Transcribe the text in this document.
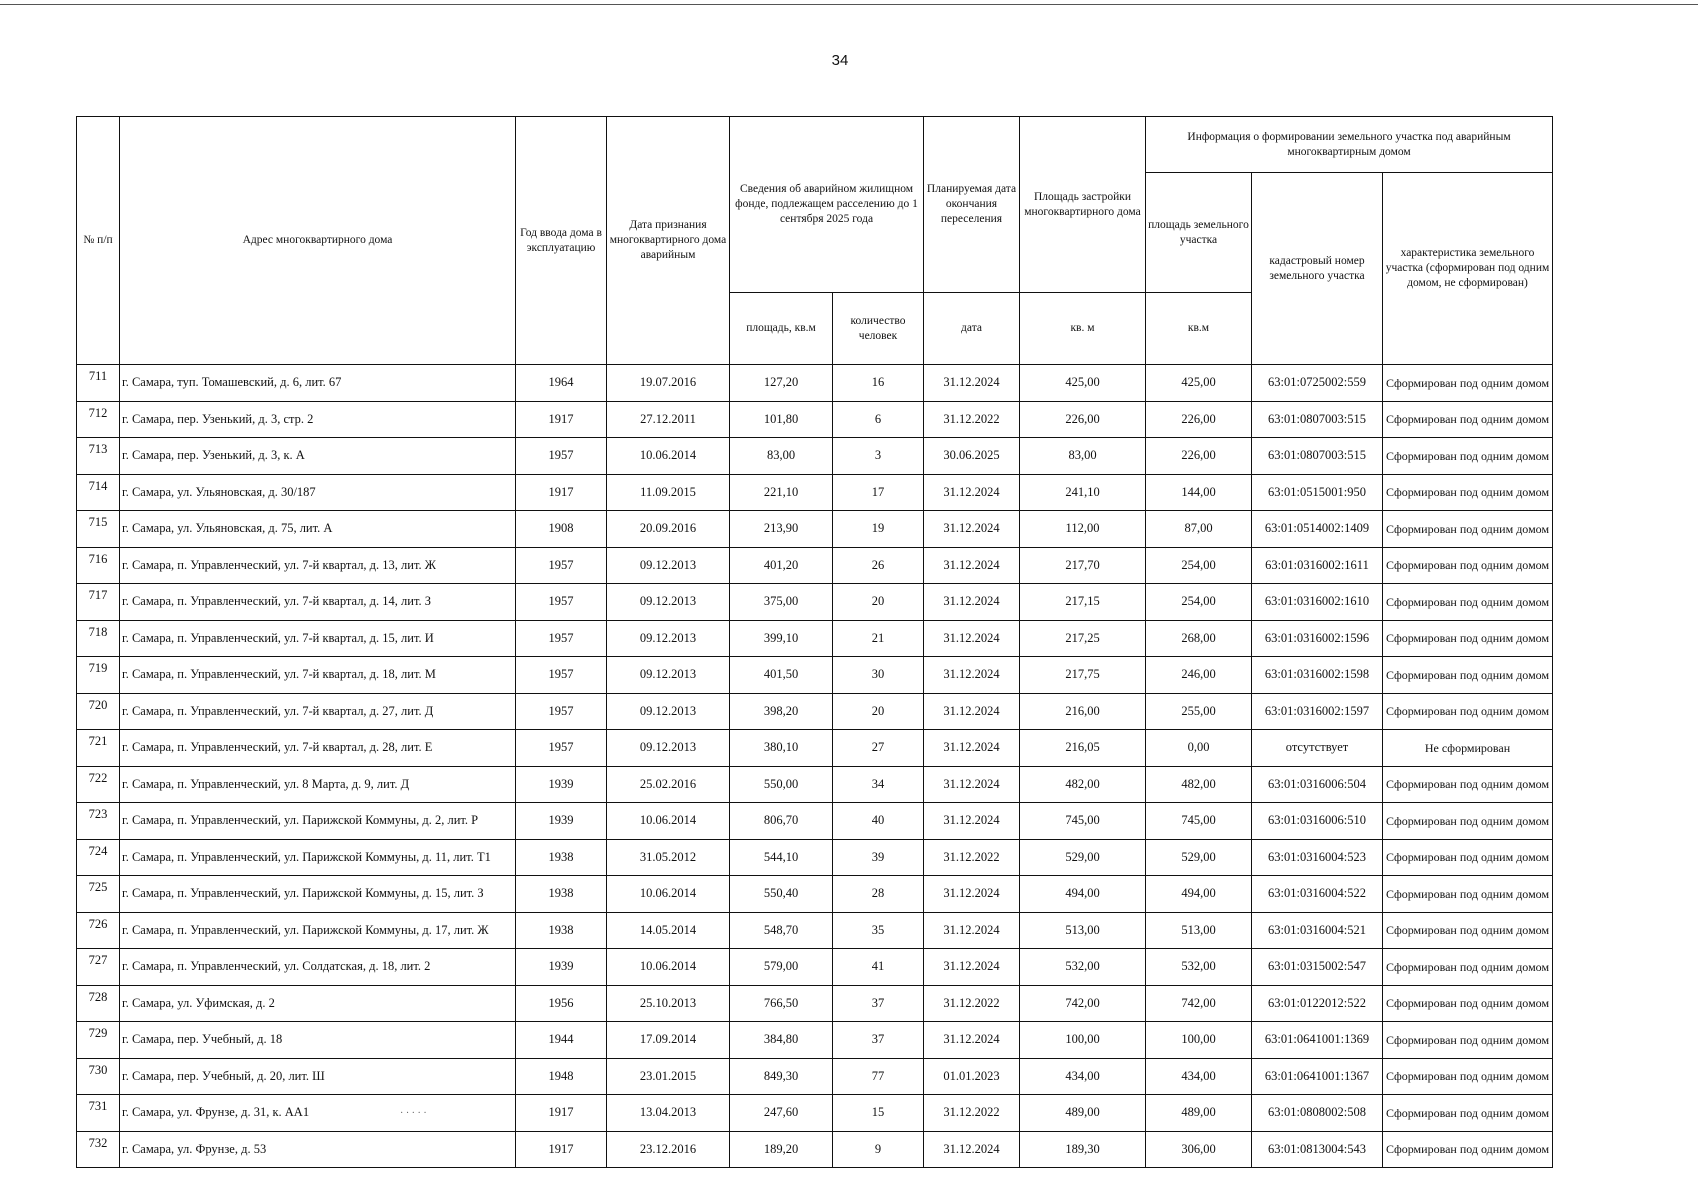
34
№ п/п	Адрес многоквартирного дома	Год ввода дома в эксплуатацию	Дата признания многоквартирного дома аварийным	Сведения об аварийном жилищном фонде, подлежащем расселению до 1 сентября 2025 года		Планируемая дата окончания переселения	Площадь застройки многоквартирного дома	Информация о формировании земельного участка под аварийным многоквартирным домом		
								площадь земельного участка	кадастровый номер земельного участка	характеристика земельного участка (сформирован под одним домом, не сформирован)
				площадь, кв.м	количество человек	дата	кв. м	кв.м		
711	г. Самара, туп. Томашевский, д. 6, лит. 67	1964	19.07.2016	127,20	16	31.12.2024	425,00	425,00	63:01:0725002:559	Сформирован под одним домом
712	г. Самара, пер. Узенький, д. 3, стр. 2	1917	27.12.2011	101,80	6	31.12.2022	226,00	226,00	63:01:0807003:515	Сформирован под одним домом
713	г. Самара, пер. Узенький, д. 3, к. А	1957	10.06.2014	83,00	3	30.06.2025	83,00	226,00	63:01:0807003:515	Сформирован под одним домом
714	г. Самара, ул. Ульяновская, д. 30/187	1917	11.09.2015	221,10	17	31.12.2024	241,10	144,00	63:01:0515001:950	Сформирован под одним домом
715	г. Самара, ул. Ульяновская, д. 75, лит. А	1908	20.09.2016	213,90	19	31.12.2024	112,00	87,00	63:01:0514002:1409	Сформирован под одним домом
716	г. Самара, п. Управленческий, ул. 7-й квартал, д. 13, лит. Ж	1957	09.12.2013	401,20	26	31.12.2024	217,70	254,00	63:01:0316002:1611	Сформирован под одним домом
717	г. Самара, п. Управленческий, ул. 7-й квартал, д. 14, лит. З	1957	09.12.2013	375,00	20	31.12.2024	217,15	254,00	63:01:0316002:1610	Сформирован под одним домом
718	г. Самара, п. Управленческий, ул. 7-й квартал, д. 15, лит. И	1957	09.12.2013	399,10	21	31.12.2024	217,25	268,00	63:01:0316002:1596	Сформирован под одним домом
719	г. Самара, п. Управленческий, ул. 7-й квартал, д. 18, лит. М	1957	09.12.2013	401,50	30	31.12.2024	217,75	246,00	63:01:0316002:1598	Сформирован под одним домом
720	г. Самара, п. Управленческий, ул. 7-й квартал, д. 27, лит. Д	1957	09.12.2013	398,20	20	31.12.2024	216,00	255,00	63:01:0316002:1597	Сформирован под одним домом
721	г. Самара, п. Управленческий, ул. 7-й квартал, д. 28, лит. Е	1957	09.12.2013	380,10	27	31.12.2024	216,05	0,00	отсутствует	Не сформирован
722	г. Самара, п. Управленческий, ул. 8 Марта, д. 9, лит. Д	1939	25.02.2016	550,00	34	31.12.2024	482,00	482,00	63:01:0316006:504	Сформирован под одним домом
723	г. Самара, п. Управленческий, ул. Парижской Коммуны, д. 2, лит. Р	1939	10.06.2014	806,70	40	31.12.2024	745,00	745,00	63:01:0316006:510	Сформирован под одним домом
724	г. Самара, п. Управленческий, ул. Парижской Коммуны, д. 11, лит. Т1	1938	31.05.2012	544,10	39	31.12.2022	529,00	529,00	63:01:0316004:523	Сформирован под одним домом
725	г. Самара, п. Управленческий, ул. Парижской Коммуны, д. 15, лит. З	1938	10.06.2014	550,40	28	31.12.2024	494,00	494,00	63:01:0316004:522	Сформирован под одним домом
726	г. Самара, п. Управленческий, ул. Парижской Коммуны, д. 17, лит. Ж	1938	14.05.2014	548,70	35	31.12.2024	513,00	513,00	63:01:0316004:521	Сформирован под одним домом
727	г. Самара, п. Управленческий, ул. Солдатская, д. 18, лит. 2	1939	10.06.2014	579,00	41	31.12.2024	532,00	532,00	63:01:0315002:547	Сформирован под одним домом
728	г. Самара, ул. Уфимская, д. 2	1956	25.10.2013	766,50	37	31.12.2022	742,00	742,00	63:01:0122012:522	Сформирован под одним домом
729	г. Самара, пер. Учебный, д. 18	1944	17.09.2014	384,80	37	31.12.2024	100,00	100,00	63:01:0641001:1369	Сформирован под одним домом
730	г. Самара, пер. Учебный, д. 20, лит. Ш	1948	23.01.2015	849,30	77	01.01.2023	434,00	434,00	63:01:0641001:1367	Сформирован под одним домом
731	г. Самара, ул. Фрунзе, д. 31, к. АА1	1917	13.04.2013	247,60	15	31.12.2022	489,00	489,00	63:01:0808002:508	Сформирован под одним домом
732	г. Самара, ул. Фрунзе, д. 53	1917	23.12.2016	189,20	9	31.12.2024	189,30	306,00	63:01:0813004:543	Сформирован под одним домом
· · · · ·
